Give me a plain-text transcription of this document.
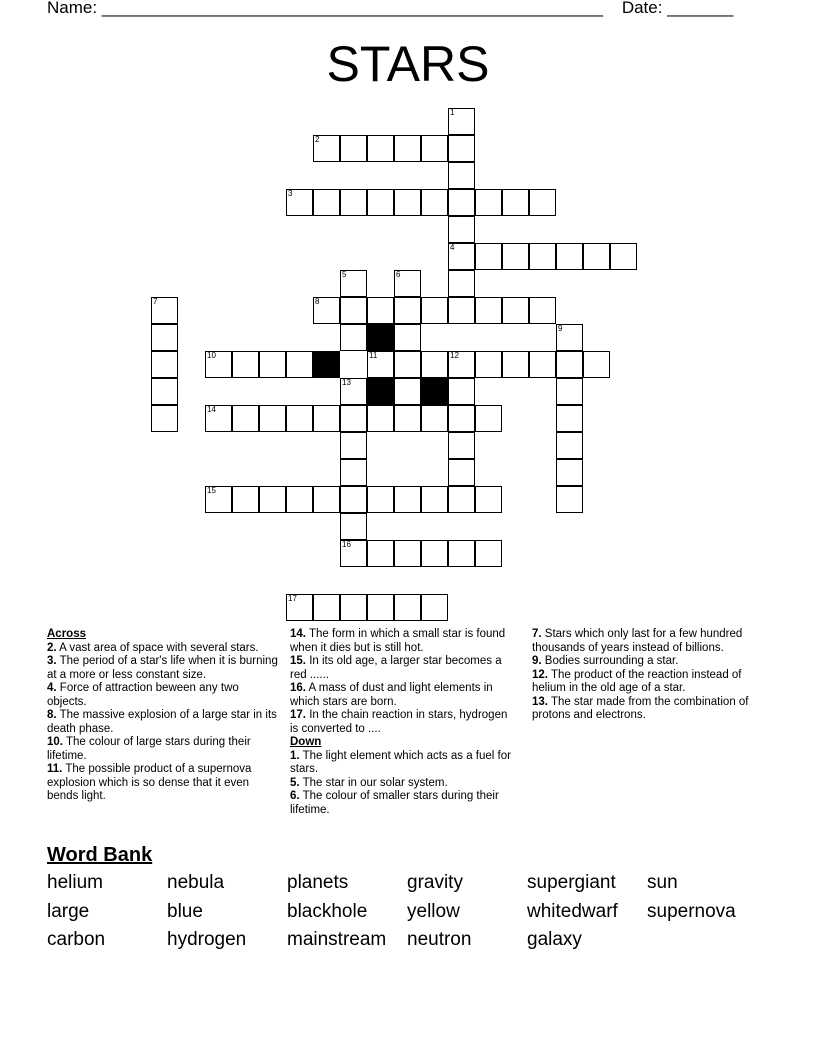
Name: _____________________________________________________ Date: _______
STARS
1
2
3
4
5	6
7	8
9
10	11	12
13
14
15
16
17
Across
2. A vast area of space with several stars.
3. The period of a star's life when it is burning at a more or less constant size.
4. Force of attraction beween any two objects.
8. The massive explosion of a large star in its death phase.
10. The colour of large stars during their lifetime.
11. The possible product of a supernova explosion which is so dense that it even bends light.
14. The form in which a small star is found when it dies but is still hot.
15. In its old age, a larger star becomes a red ......
16. A mass of dust and light elements in which stars are born.
17. In the chain reaction in stars, hydrogen is converted to ....
Down
1. The light element which acts as a fuel for stars.
5. The star in our solar system.
6. The colour of smaller stars during their lifetime.
7. Stars which only last for a few hundred thousands of years instead of billions.
9. Bodies surrounding a star.
12. The product of the reaction instead of helium in the old age of a star.
13. The star made from the combination of protons and electrons.
Word Bank
helium	nebula	planets	gravity	supergiant sun
large	blue	blackhole yellow	whitedwarf supernova
carbon	hydrogen mainstream neutron	galaxy
